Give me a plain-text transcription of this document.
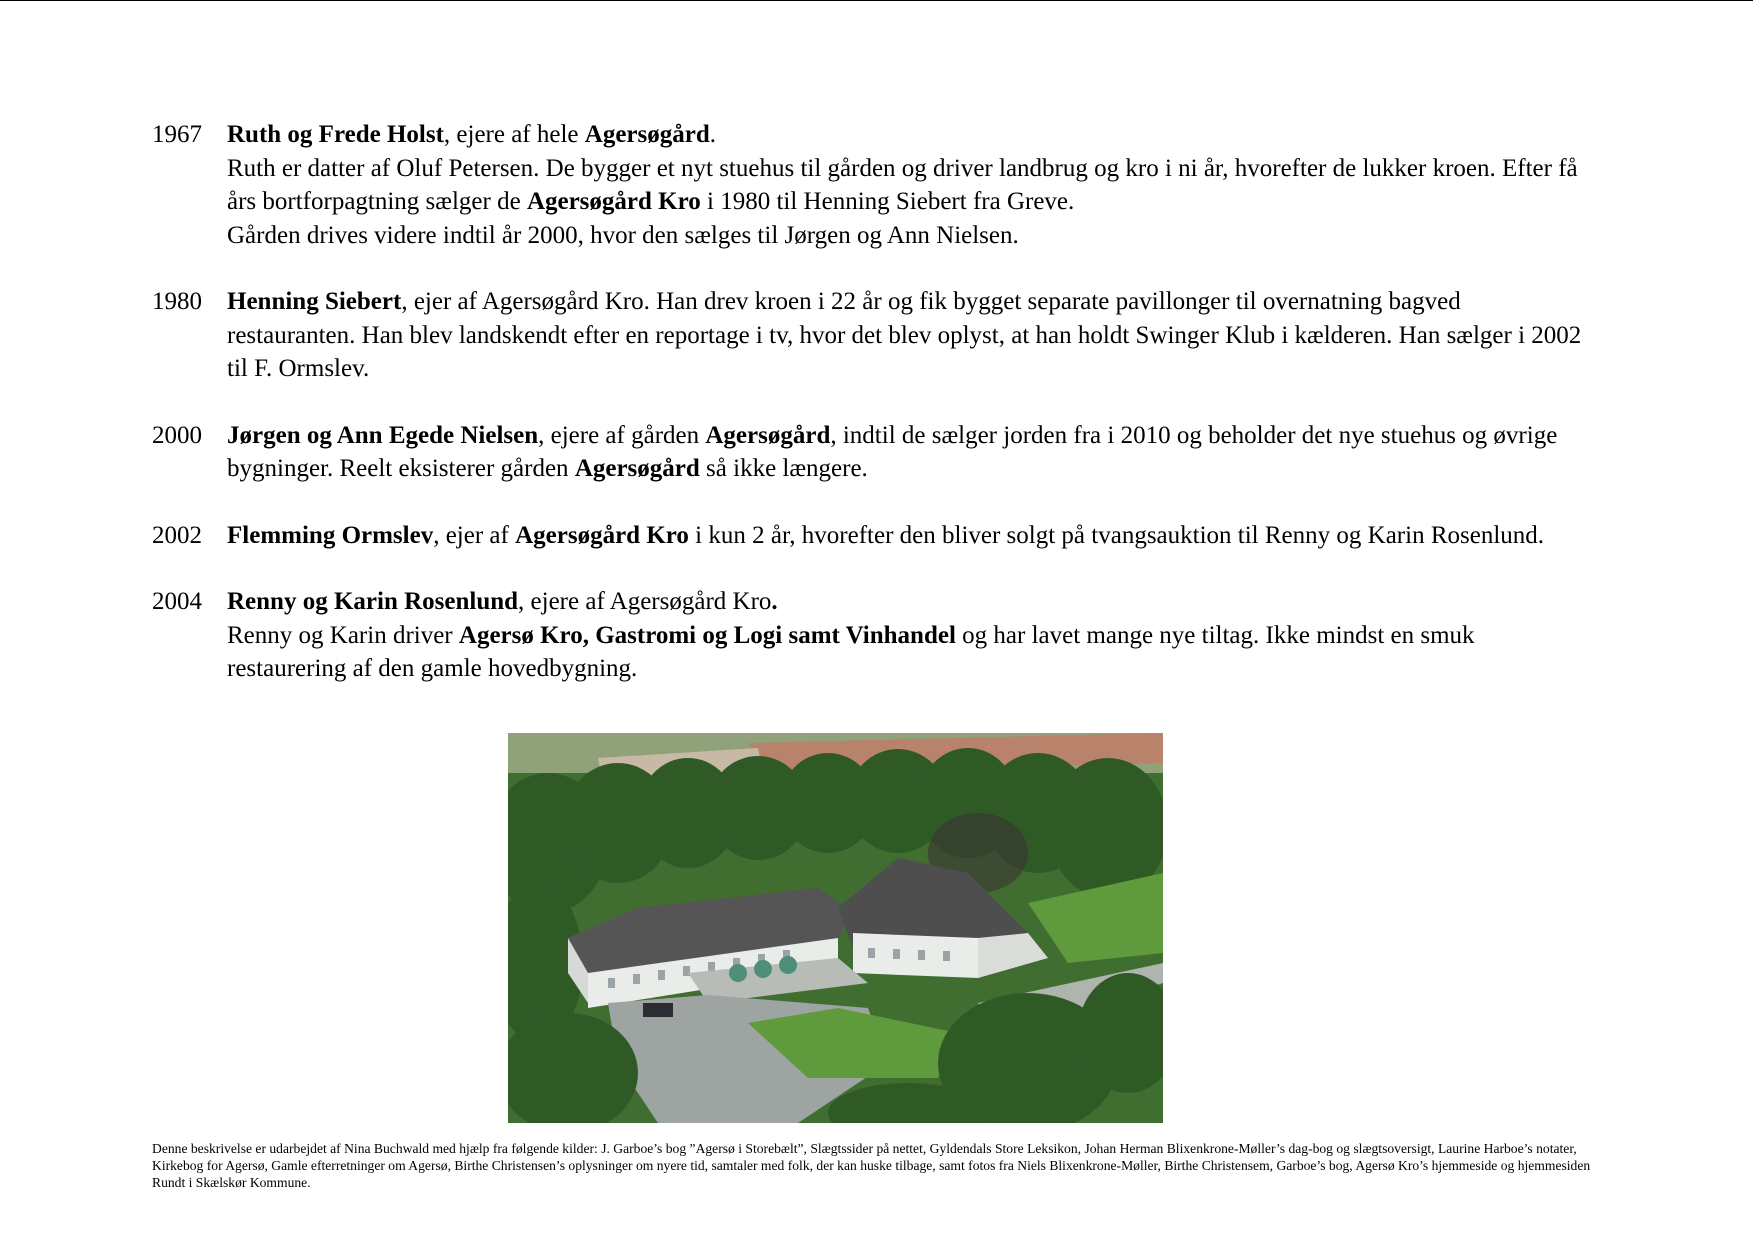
1967	Ruth og Frede Holst, ejere af hele Agersøgård.

Ruth er datter af Oluf Petersen. De bygger et nyt stuehus til gården og driver landbrug og kro i ni år, hvorefter de lukker kroen. Efter få års bortforpagtning sælger de Agersøgård Kro i 1980 til Henning Siebert fra Greve.

Gården drives videre indtil år 2000, hvor den sælges til Jørgen og Ann Nielsen.

1980	Henning Siebert, ejer af Agersøgård Kro. Han drev kroen i 22 år og fik bygget separate pavillonger til overnatning bagved restauranten. Han blev landskendt efter en reportage i tv, hvor det blev oplyst, at han holdt Swinger Klub i kælderen. Han sælger i 2002 til F. Ormslev.

2000	Jørgen og Ann Egede Nielsen, ejere af gården Agersøgård, indtil de sælger jorden fra i 2010 og beholder det nye stuehus og øvrige bygninger. Reelt eksisterer gården Agersøgård så ikke længere.

2002	Flemming Ormslev, ejer af Agersøgård Kro i kun 2 år, hvorefter den bliver solgt på tvangsauktion til Renny og Karin Rosenlund.

2004	Renny og Karin Rosenlund, ejere af Agersøgård Kro.

Renny og Karin driver Agersø Kro, Gastromi og Logi samt Vinhandel og har lavet mange nye tiltag. Ikke mindst en smuk restaurering af den gamle hovedbygning.

Denne beskrivelse er udarbejdet af Nina Buchwald med hjælp fra følgende kilder: J. Garboe’s bog ”Agersø i Storebælt”, Slægtssider på nettet, Gyldendals Store Leksikon, Johan Herman Blixenkrone-Møller’s dag-bog og slægtsoversigt, Laurine Harboe’s notater, Kirkebog for Agersø, Gamle efterretninger om Agersø, Birthe Christensen’s oplysninger om nyere tid, samtaler med folk, der kan huske tilbage, samt fotos fra Niels Blixenkrone-Møller, Birthe Christensem, Garboe’s bog, Agersø Kro’s hjemmeside og hjemmesiden Rundt i Skælskør Kommune.
